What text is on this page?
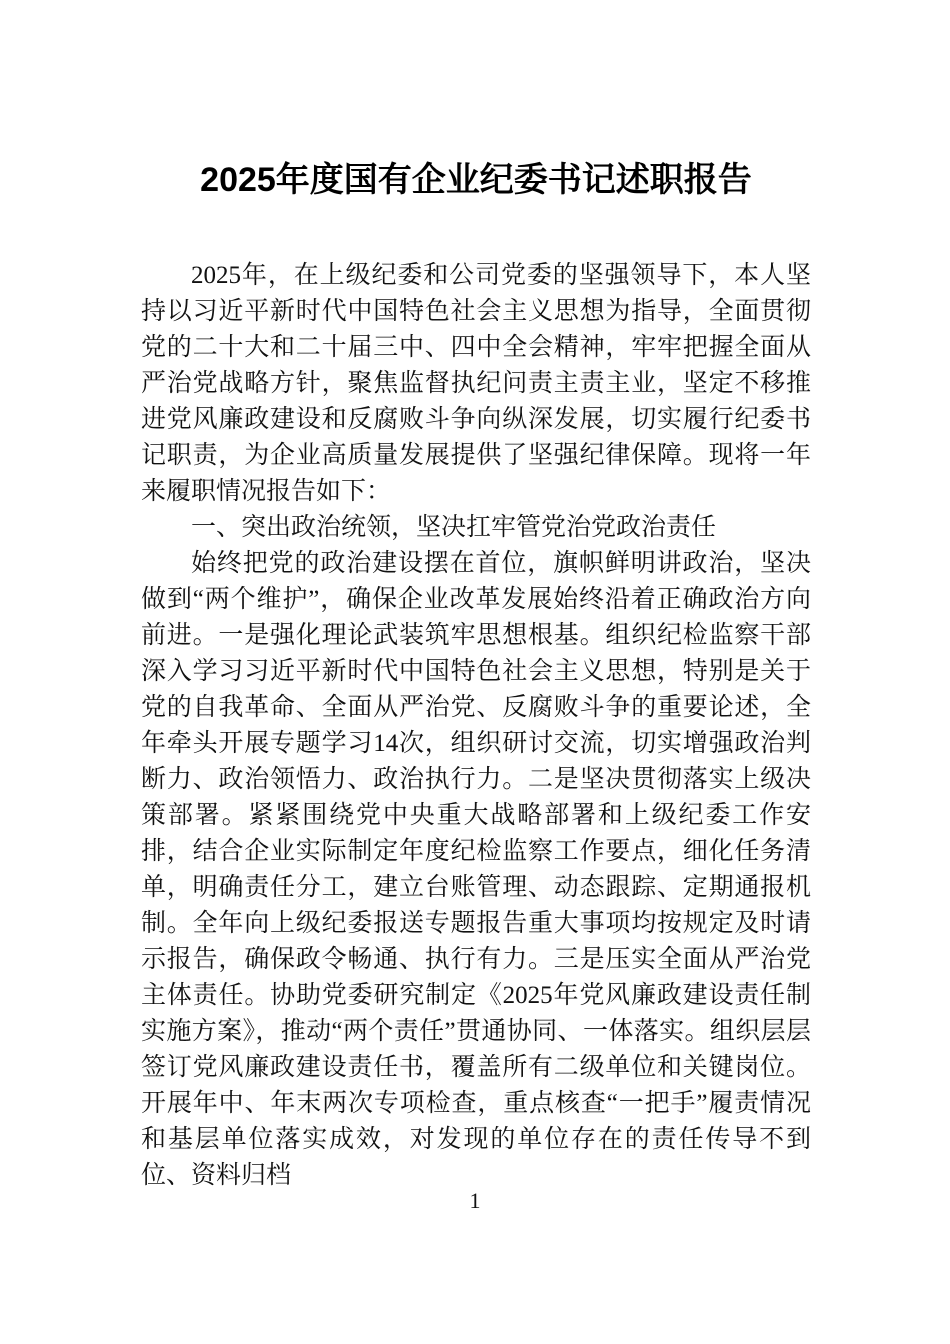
2025年度国有企业纪委书记述职报告

2025年，在上级纪委和公司党委的坚强领导下，本人坚持以习近平新时代中国特色社会主义思想为指导，全面贯彻党的二十大和二十届三中、四中全会精神，牢牢把握全面从严治党战略方针，聚焦监督执纪问责主责主业，坚定不移推进党风廉政建设和反腐败斗争向纵深发展，切实履行纪委书记职责，为企业高质量发展提供了坚强纪律保障。现将一年来履职情况报告如下：

一、突出政治统领，坚决扛牢管党治党政治责任

始终把党的政治建设摆在首位，旗帜鲜明讲政治，坚决做到“两个维护”，确保企业改革发展始终沿着正确政治方向前进。一是强化理论武装筑牢思想根基。组织纪检监察干部深入学习习近平新时代中国特色社会主义思想，特别是关于党的自我革命、全面从严治党、反腐败斗争的重要论述，全年牵头开展专题学习14次，组织研讨交流，切实增强政治判断力、政治领悟力、政治执行力。二是坚决贯彻落实上级决策部署。紧紧围绕党中央重大战略部署和上级纪委工作安排，结合企业实际制定年度纪检监察工作要点，细化任务清单，明确责任分工，建立台账管理、动态跟踪、定期通报机制。全年向上级纪委报送专题报告重大事项均按规定及时请示报告，确保政令畅通、执行有力。三是压实全面从严治党主体责任。协助党委研究制定《2025年党风廉政建设责任制实施方案》，推动“两个责任”贯通协同、一体落实。组织层层签订党风廉政建设责任书，覆盖所有二级单位和关键岗位。开展年中、年末两次专项检查，重点核查“一把手”履责情况和基层单位落实成效，对发现的单位存在的责任传导不到位、资料归档

1
